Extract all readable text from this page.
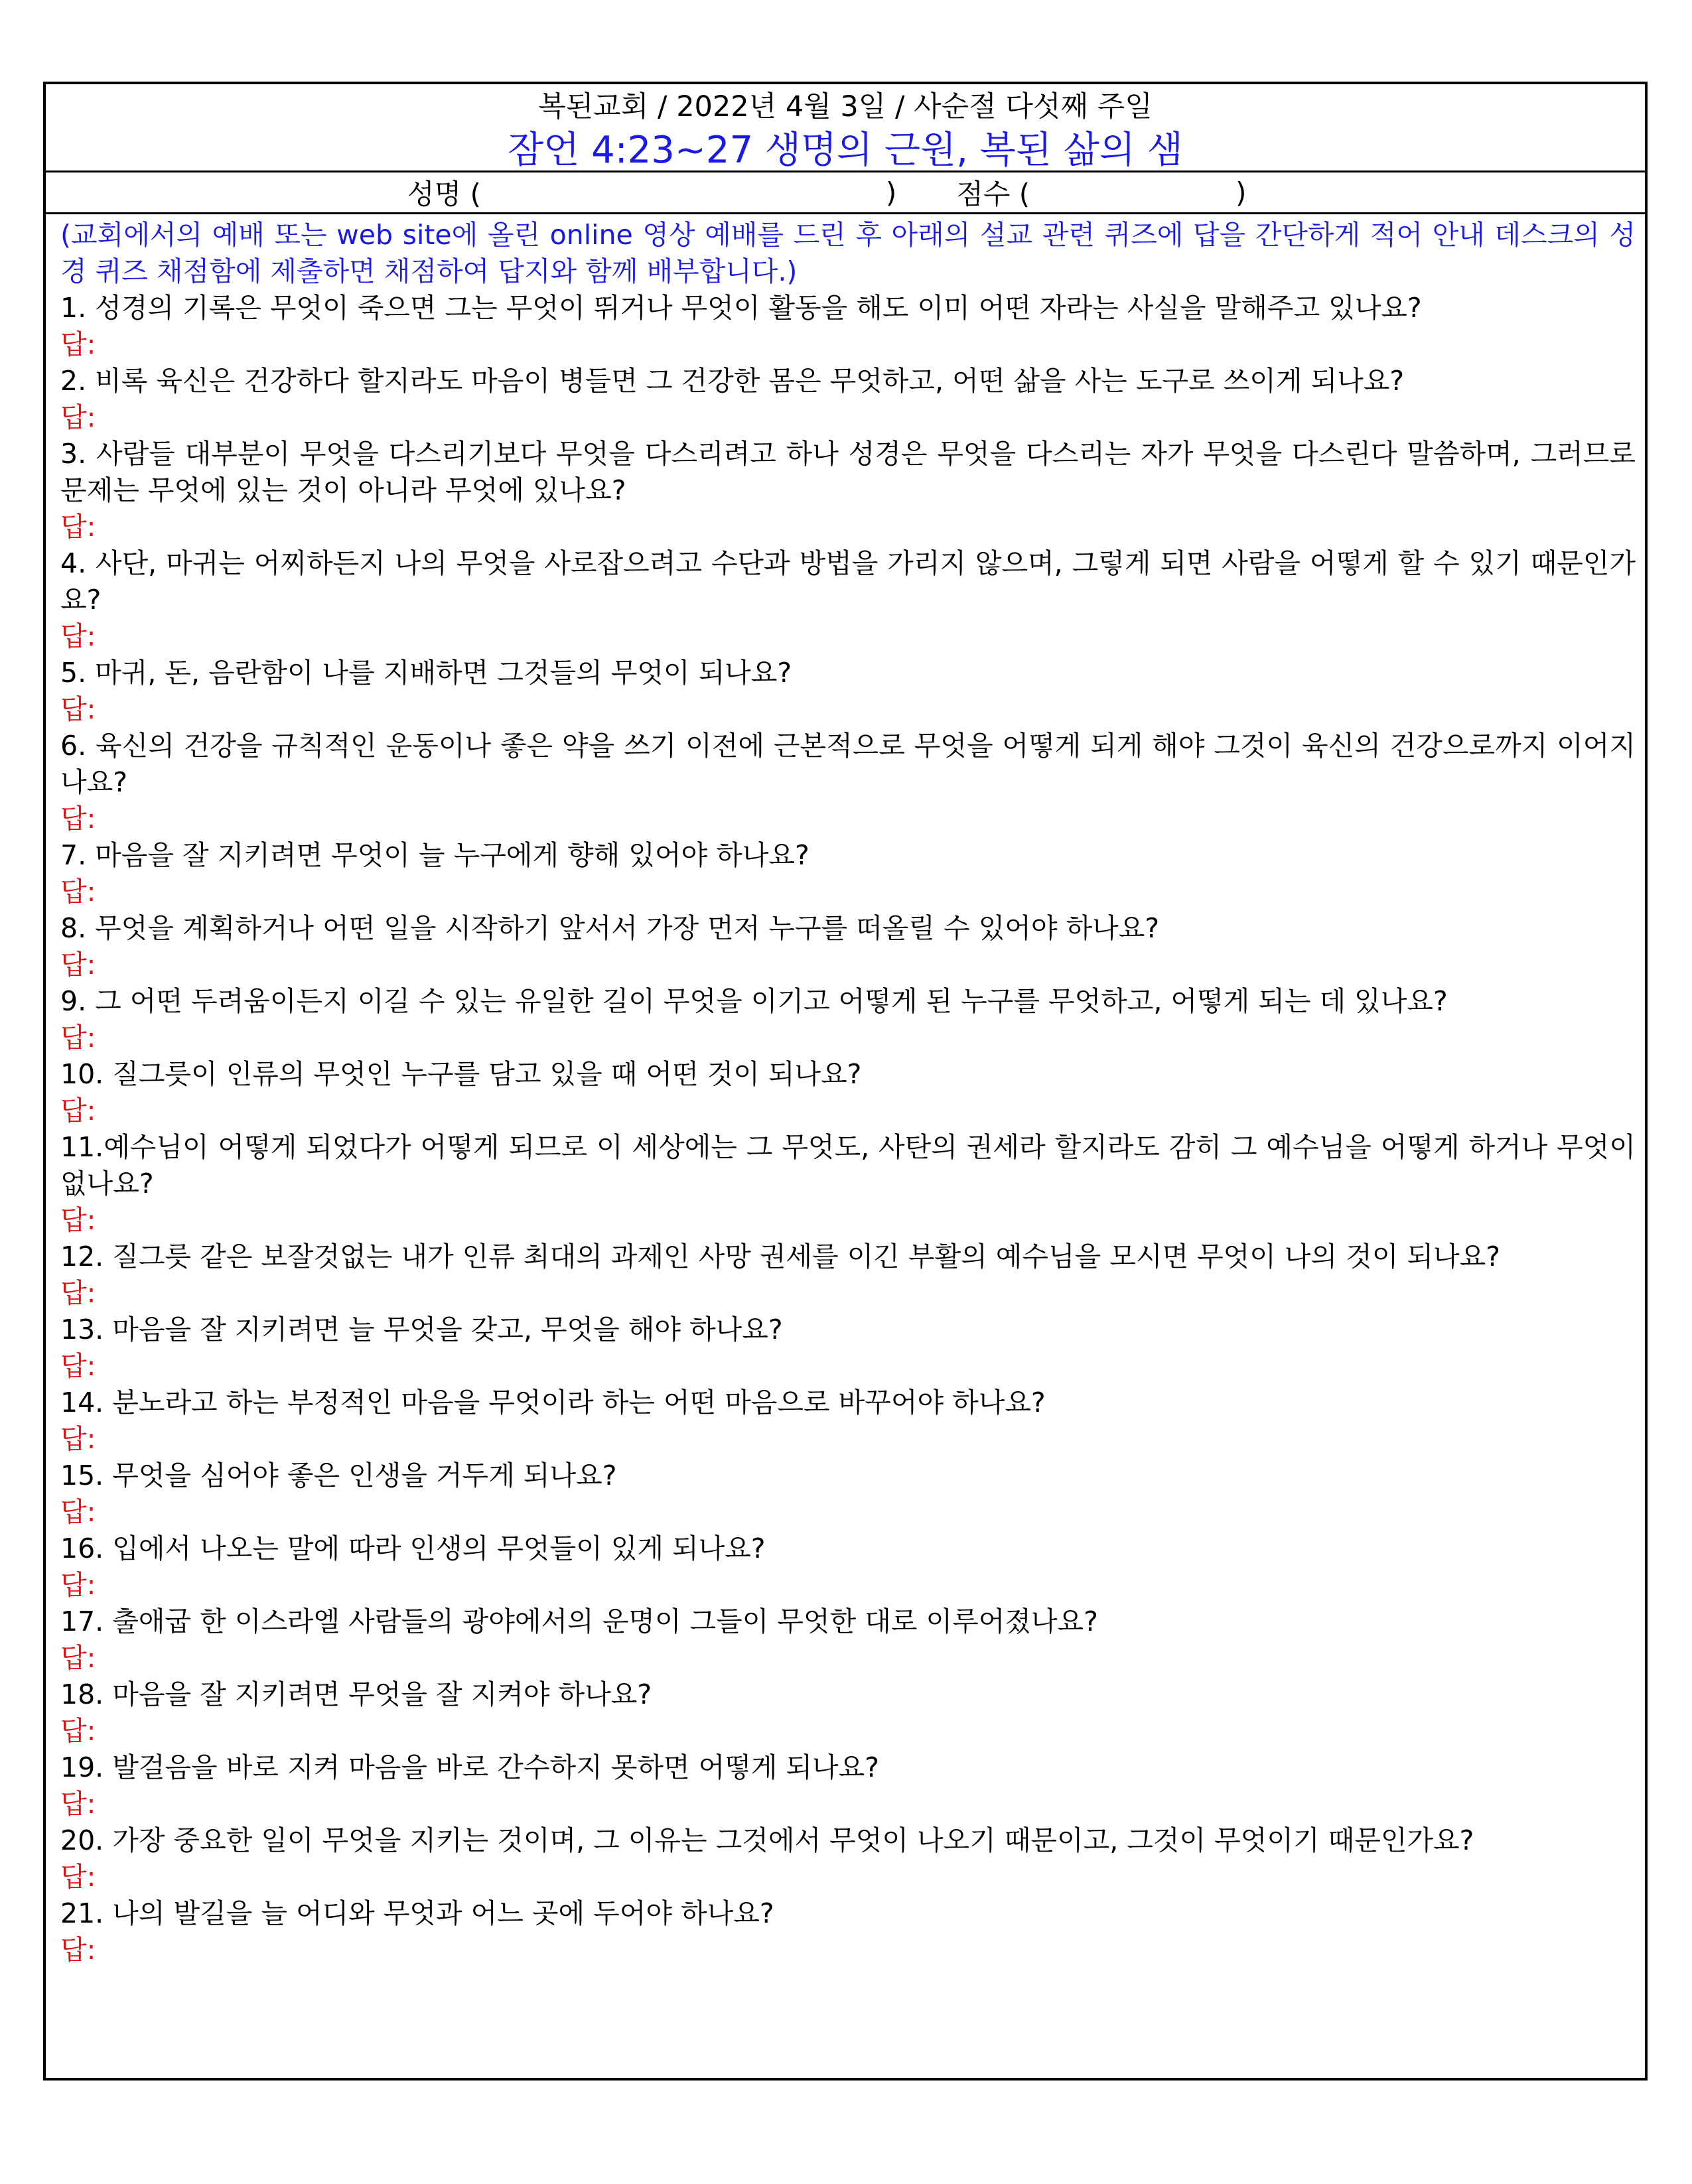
복된교회 / 2022년 4월 3일 / 사순절 다섯째 주일
잠언 4:23~27 생명의 근원, 복된 삶의 샘
성명 (	) 점수 (	)
(교회에서의 예배 또는 web site에 올린 online 영상 예배를 드린 후 아래의 설교 관련 퀴즈에 답을 간단하게 적어 안내 데스크의 성경 퀴즈 채점함에 제출하면 채점하여 답지와 함께 배부합니다.)
1. 성경의 기록은 무엇이 죽으면 그는 무엇이 뛰거나 무엇이 활동을 해도 이미 어떤 자라는 사실을 말해주고 있나요?
답:
2. 비록 육신은 건강하다 할지라도 마음이 병들면 그 건강한 몸은 무엇하고, 어떤 삶을 사는 도구로 쓰이게 되나요?
답:
3. 사람들 대부분이 무엇을 다스리기보다 무엇을 다스리려고 하나 성경은 무엇을 다스리는 자가 무엇을 다스린다 말씀하며, 그러므로 문제는 무엇에 있는 것이 아니라 무엇에 있나요?
답:
4. 사단, 마귀는 어찌하든지 나의 무엇을 사로잡으려고 수단과 방법을 가리지 않으며, 그렇게 되면 사람을 어떻게 할 수 있기 때문인가요?
답:
5. 마귀, 돈, 음란함이 나를 지배하면 그것들의 무엇이 되나요?
답:
6. 육신의 건강을 규칙적인 운동이나 좋은 약을 쓰기 이전에 근본적으로 무엇을 어떻게 되게 해야 그것이 육신의 건강으로까지 이어지나요?
답:
7. 마음을 잘 지키려면 무엇이 늘 누구에게 향해 있어야 하나요?
답:
8. 무엇을 계획하거나 어떤 일을 시작하기 앞서서 가장 먼저 누구를 떠올릴 수 있어야 하나요?
답:
9. 그 어떤 두려움이든지 이길 수 있는 유일한 길이 무엇을 이기고 어떻게 된 누구를 무엇하고, 어떻게 되는 데 있나요?
답:
10. 질그릇이 인류의 무엇인 누구를 담고 있을 때 어떤 것이 되나요?
답:
11.예수님이 어떻게 되었다가 어떻게 되므로 이 세상에는 그 무엇도, 사탄의 권세라 할지라도 감히 그 예수님을 어떻게 하거나 무엇이 없나요?
답:
12. 질그릇 같은 보잘것없는 내가 인류 최대의 과제인 사망 권세를 이긴 부활의 예수님을 모시면 무엇이 나의 것이 되나요?
답:
13. 마음을 잘 지키려면 늘 무엇을 갖고, 무엇을 해야 하나요?
답:
14. 분노라고 하는 부정적인 마음을 무엇이라 하는 어떤 마음으로 바꾸어야 하나요?
답:
15. 무엇을 심어야 좋은 인생을 거두게 되나요?
답:
16. 입에서 나오는 말에 따라 인생의 무엇들이 있게 되나요?
답:
17. 출애굽 한 이스라엘 사람들의 광야에서의 운명이 그들이 무엇한 대로 이루어졌나요?
답:
18. 마음을 잘 지키려면 무엇을 잘 지켜야 하나요?
답:
19. 발걸음을 바로 지켜 마음을 바로 간수하지 못하면 어떻게 되나요?
답:
20. 가장 중요한 일이 무엇을 지키는 것이며, 그 이유는 그것에서 무엇이 나오기 때문이고, 그것이 무엇이기 때문인가요?
답:
21. 나의 발길을 늘 어디와 무엇과 어느 곳에 두어야 하나요?
답:
